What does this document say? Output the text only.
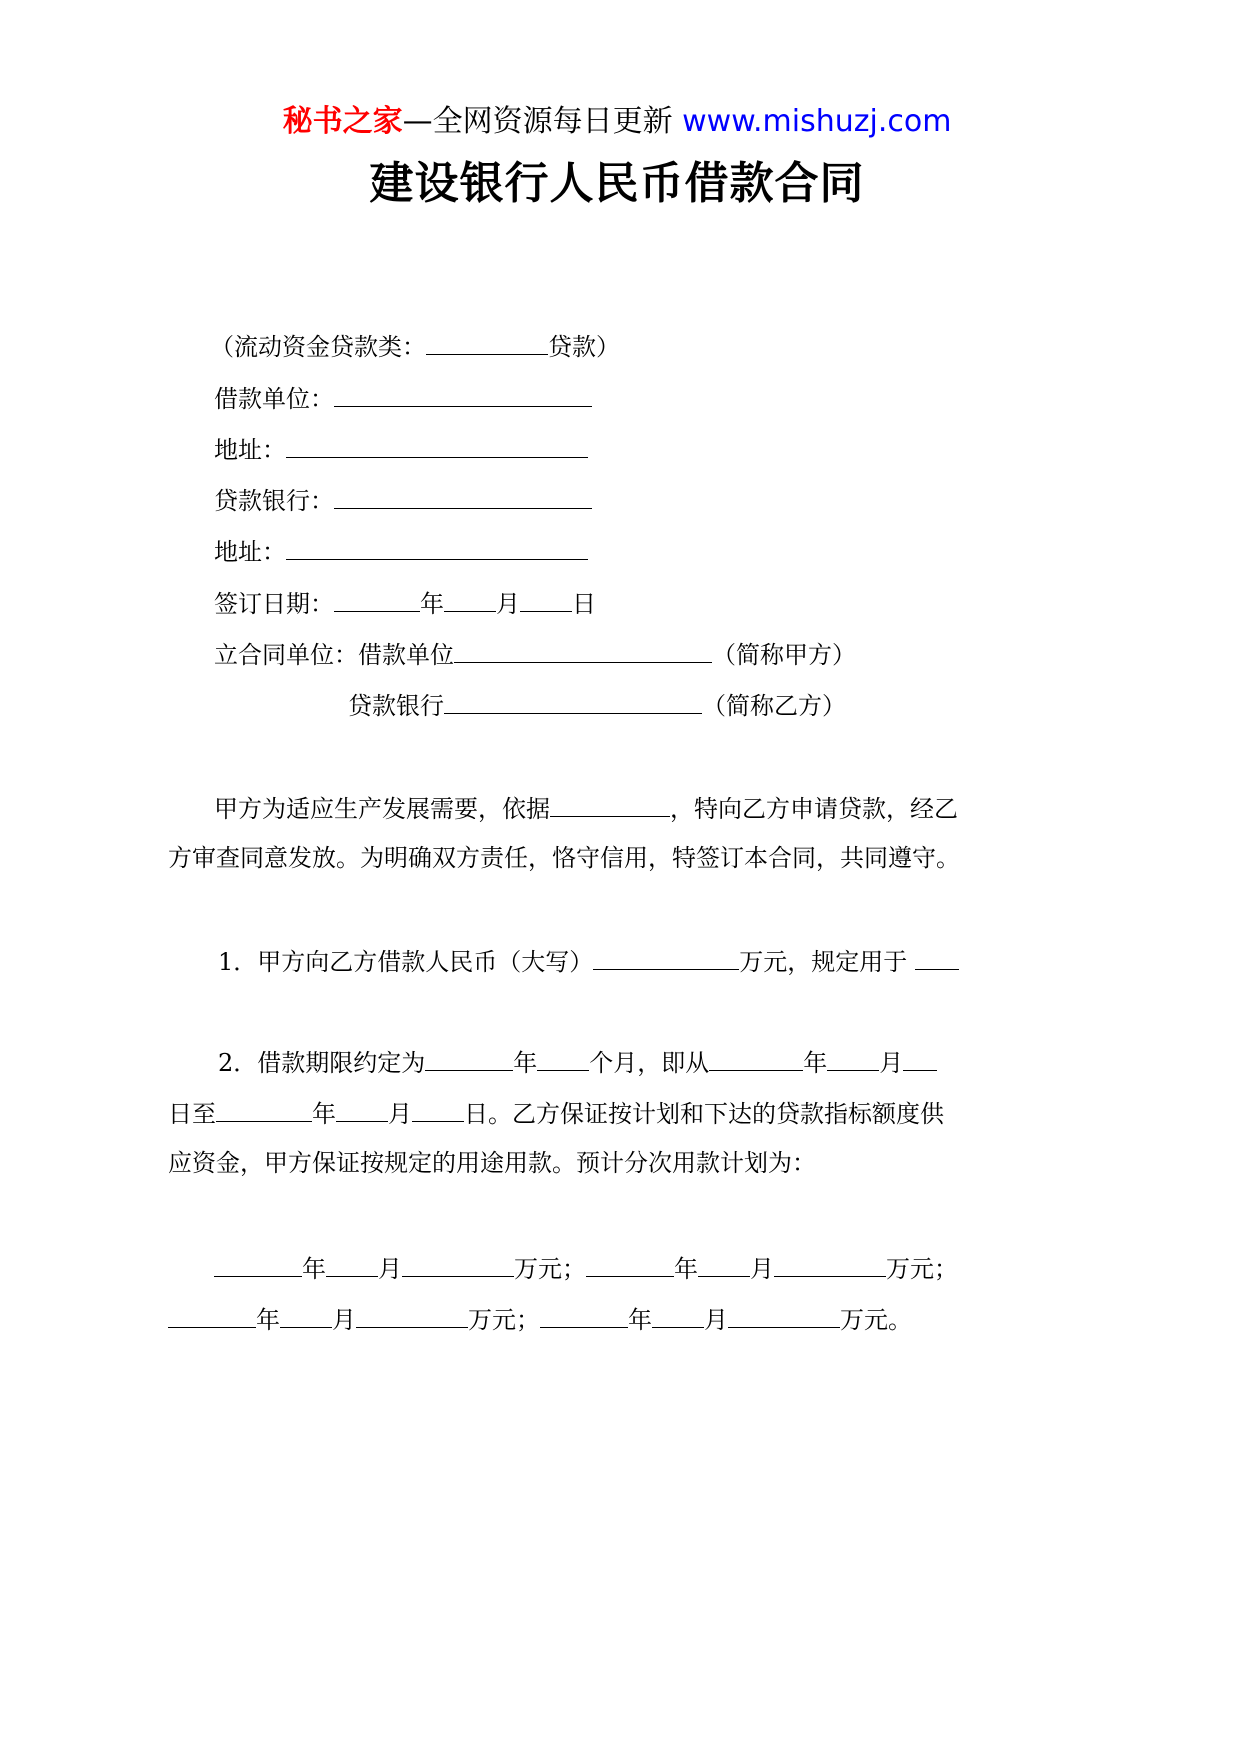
秘书之家—全网资源每日更新 www.mishuzj.com
建设银行人民币借款合同
（流动资金贷款类：	贷款）
借款单位：
地址：
贷款银行：
地址：
签订日期：	年 月 日
立合同单位：借款单位	（简称甲方）
贷款银行	（简称乙方）
甲方为适应生产发展需要，依据	，特向乙方申请贷款，经乙
方审查同意发放。为明确双方责任，恪守信用，特签订本合同，共同遵守。
1．甲方向乙方借款人民币（大写）	万元，规定用于
2．借款期限约定为	年 个月，即从	年 月
日至	年 月 日。乙方保证按计划和下达的贷款指标额度供
应资金，甲方保证按规定的用途用款。预计分次用款计划为：
年 月	万元；	年 月	万元；
年 月	万元；	年 月	万元。
